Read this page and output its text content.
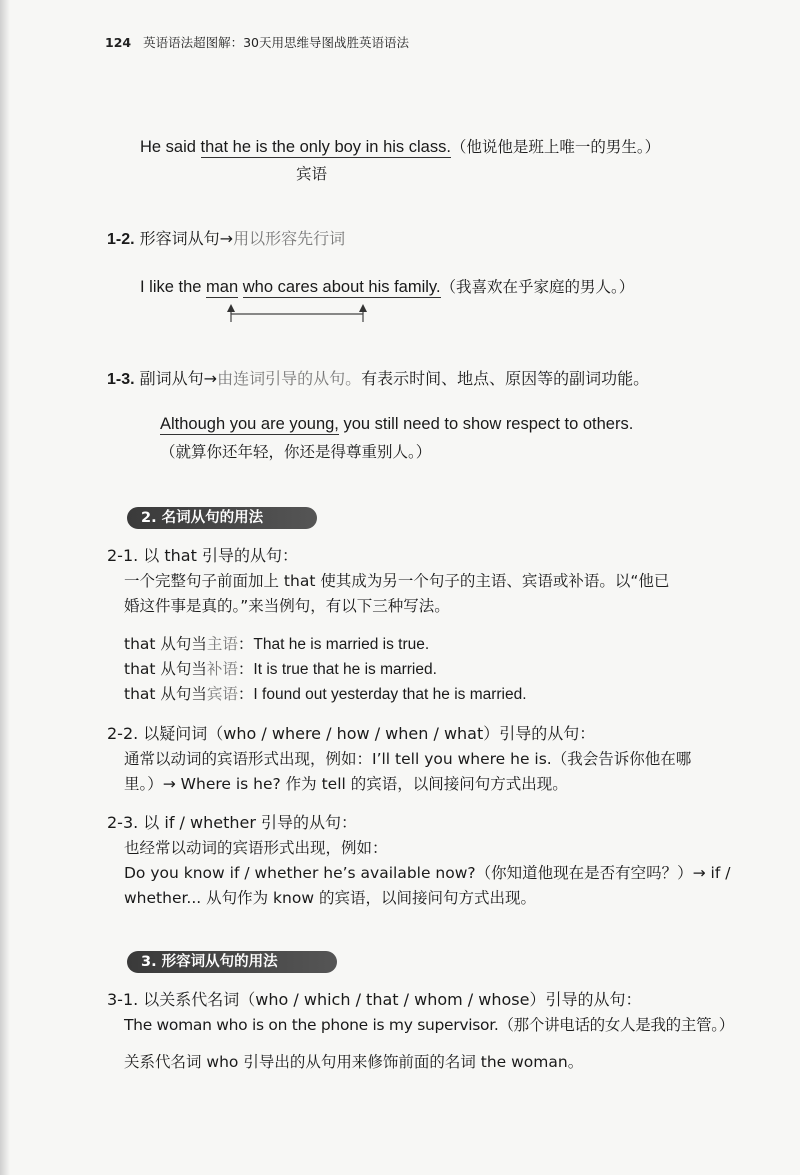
124 英语语法超图解：30天用思维导图战胜英语语法
He said that he is the only boy in his class.（他说他是班上唯一的男生。）
宾语
1-2. 形容词从句→用以形容先行词
I like the man who cares about his family.（我喜欢在乎家庭的男人。）
1-3. 副词从句→由连词引导的从句。有表示时间、地点、原因等的副词功能。
Although you are young, you still need to show respect to others.
（就算你还年轻，你还是得尊重别人。）
2. 名词从句的用法
2-1. 以 that 引导的从句：
一个完整句子前面加上 that 使其成为另一个句子的主语、宾语或补语。以“他已
婚这件事是真的。”来当例句，有以下三种写法。
that 从句当主语：That he is married is true.
that 从句当补语：It is true that he is married.
that 从句当宾语：I found out yesterday that he is married.
2-2. 以疑问词（who / where / how / when / what）引导的从句：
通常以动词的宾语形式出现，例如：I’ll tell you where he is.（我会告诉你他在哪
里。）→ Where is he? 作为 tell 的宾语，以间接问句方式出现。
2-3. 以 if / whether 引导的从句：
也经常以动词的宾语形式出现，例如：
Do you know if / whether he’s available now?（你知道他现在是否有空吗？）→ if /
whether... 从句作为 know 的宾语，以间接问句方式出现。
3. 形容词从句的用法
3-1. 以关系代名词（who / which / that / whom / whose）引导的从句：
The woman who is on the phone is my supervisor.（那个讲电话的女人是我的主管。）
关系代名词 who 引导出的从句用来修饰前面的名词 the woman。
